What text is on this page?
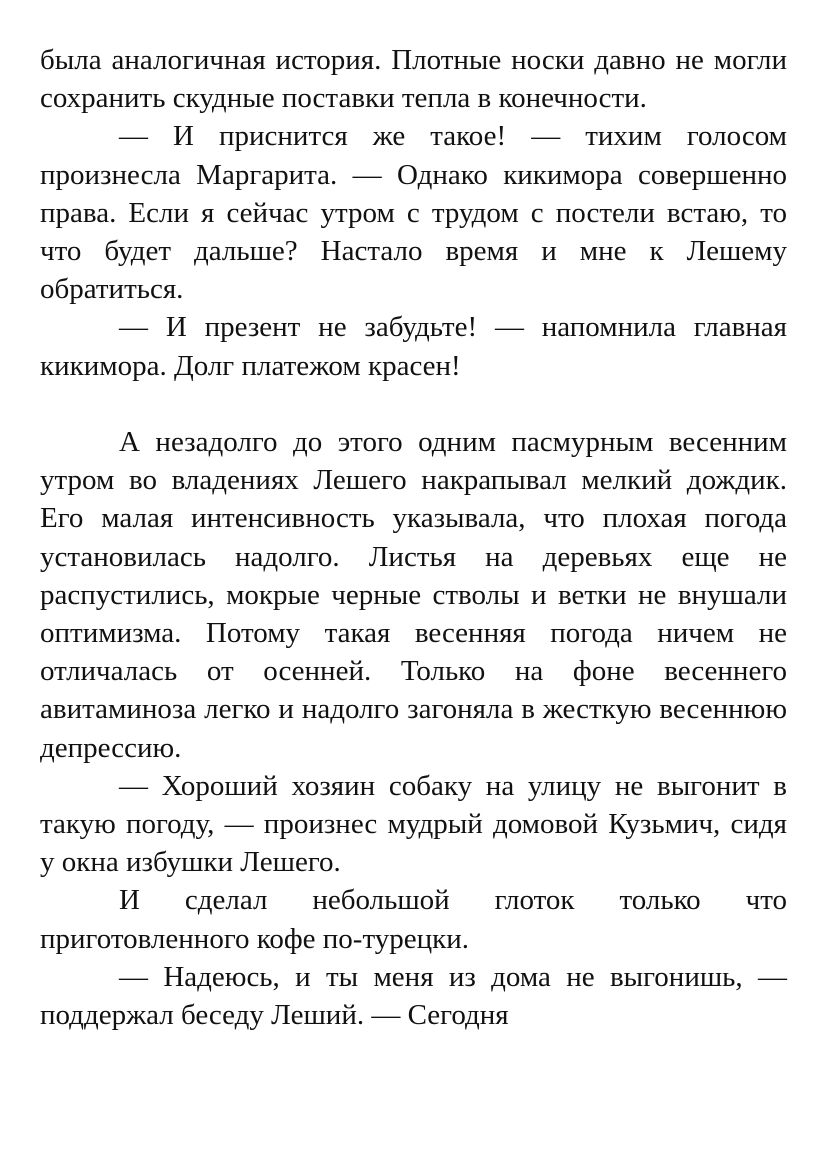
была аналогичная история. Плотные носки давно не могли сохранить скудные поставки тепла в конечности.

— И приснится же такое! — тихим голосом произнесла Маргарита. — Однако кикимора совершенно права. Если я сейчас утром с трудом с постели встаю, то что будет дальше? Настало время и мне к Лешему обратиться.

— И презент не забудьте! — напомнила главная кикимора. Долг платежом красен!

А незадолго до этого одним пасмурным весенним утром во владениях Лешего накрапывал мелкий дождик. Его малая интенсивность указывала, что плохая погода установилась надолго. Листья на деревьях еще не распустились, мокрые черные стволы и ветки не внушали оптимизма. Потому такая весенняя погода ничем не отличалась от осенней. Только на фоне весеннего авитаминоза легко и надолго загоняла в жесткую весеннюю депрессию.

— Хороший хозяин собаку на улицу не выгонит в такую погоду, — произнес мудрый домовой Кузьмич, сидя у окна избушки Лешего.

И сделал небольшой глоток только что приготовленного кофе по-турецки.

— Надеюсь, и ты меня из дома не выгонишь, — поддержал беседу Леший. — Сегодня
